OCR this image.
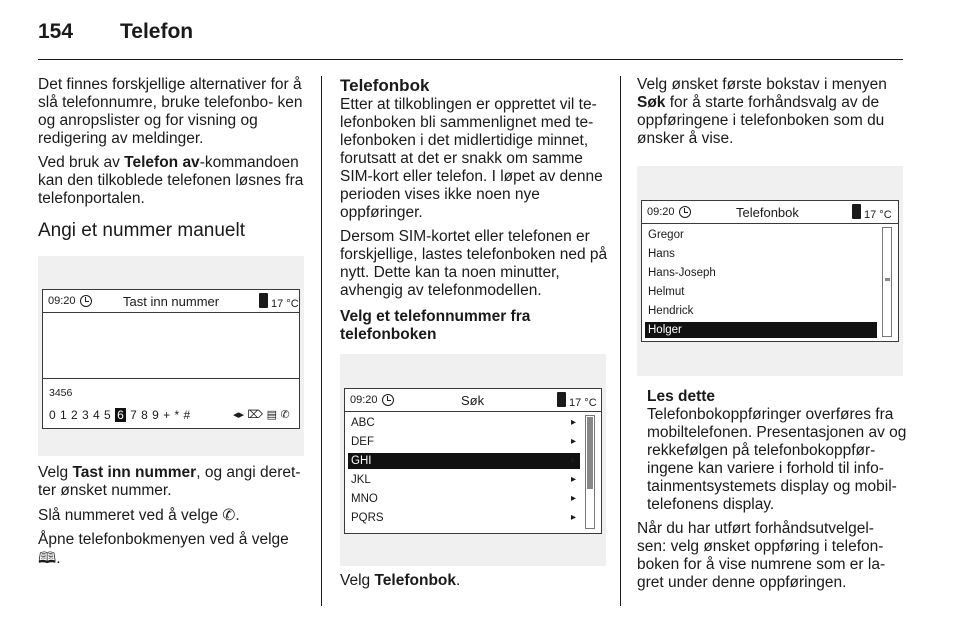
154	Telefon

Det finnes forskjellige alternativer for å slå telefonnumre, bruke telefonbo- ken og anropslister og for visning og redigering av meldinger.

Ved bruk av Telefon av-kommandoen kan den tilkoblede telefonen løsnes fra telefonportalen.

Angi et nummer manuelt
09:20	Tast inn nummer	17 °C
3456
0 1 2 3 4 5 6 7 8 9 + * #	◂▸ ⌦ ▤ ✆

Velg Tast inn nummer, og angi deret- ter ønsket nummer.

Slå nummeret ved å velge ✆.

Åpne telefonbokmenyen ved å velge 🕮.

Telefonbok

Etter at tilkoblingen er opprettet vil te- lefonboken bli sammenlignet med te- lefonboken i det midlertidige minnet, forutsatt at det er snakk om samme SIM-kort eller telefon. I løpet av denne perioden vises ikke noen nye oppføringer.

Dersom SIM-kortet eller telefonen er forskjellige, lastes telefonboken ned på nytt. Dette kan ta noen minutter, avhengig av telefonmodellen.

Velg et telefonnummer fra telefonboken

09:20	Søk	17 °C
ABC	▸
DEF	▸
GHI	▸
JKL	▸
MNO	▸
PQRS	▸

Velg Telefonbok.

Velg ønsket første bokstav i menyen Søk for å starte forhåndsvalg av de oppføringene i telefonboken som du ønsker å vise.

09:20	Telefonbok	17 °C
Gregor
Hans
Hans-Joseph
Helmut
Hendrick
Holger

Les dette

Telefonbokoppføringer overføres fra mobiltelefonen. Presentasjonen av og rekkefølgen på telefonbokoppfør- ingene kan variere i forhold til info- tainmentsystemets display og mobil- telefonens display.

Når du har utført forhåndsutvelgel- sen: velg ønsket oppføring i telefon- boken for å vise numrene som er la- gret under denne oppføringen.
